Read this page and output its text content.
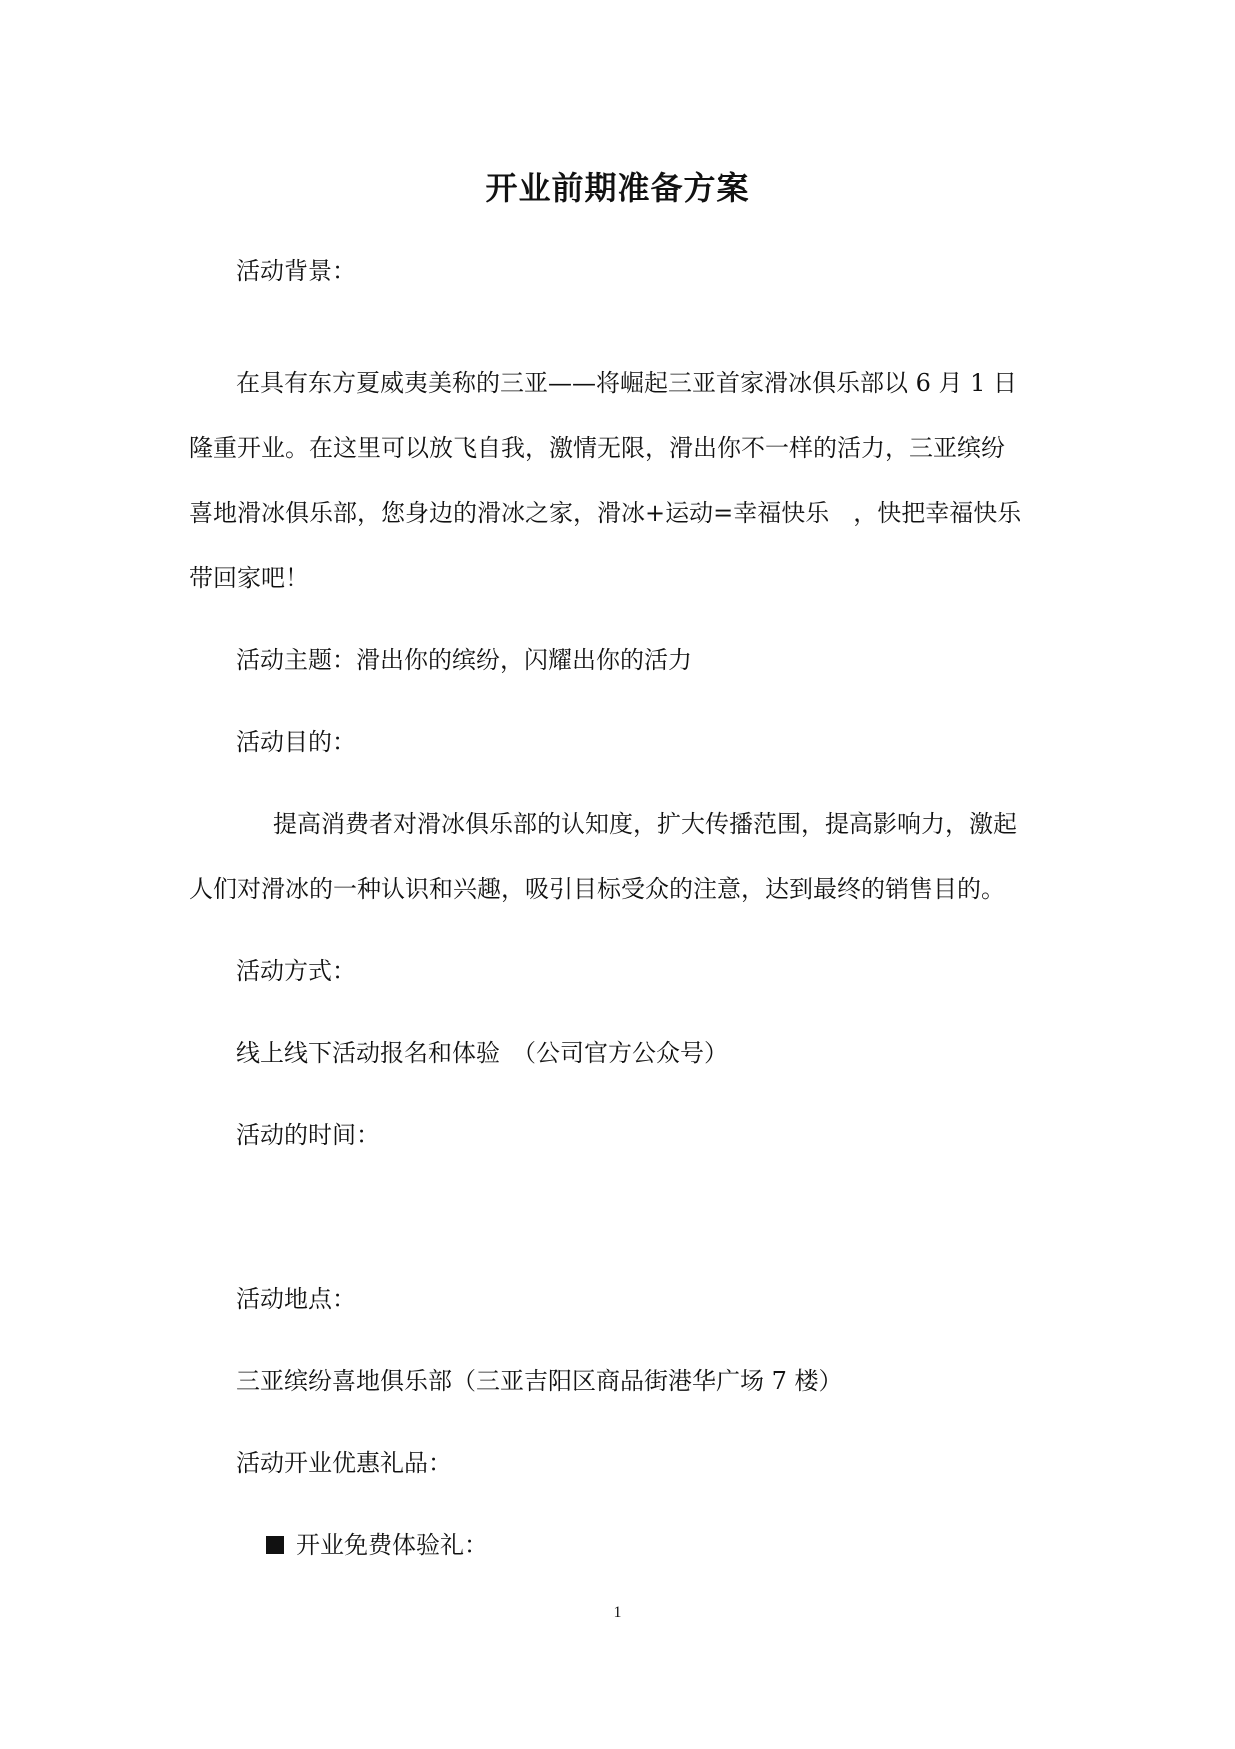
开业前期准备方案
活动背景：
在具有东方夏威夷美称的三亚——将崛起三亚首家滑冰俱乐部以 6 月 1 日
隆重开业。在这里可以放飞自我，激情无限，滑出你不一样的活力，三亚缤纷
喜地滑冰俱乐部，您身边的滑冰之家，滑冰+运动=幸福快乐　，快把幸福快乐
带回家吧！
活动主题：滑出你的缤纷，闪耀出你的活力
活动目的：
提高消费者对滑冰俱乐部的认知度，扩大传播范围，提高影响力，激起
人们对滑冰的一种认识和兴趣，吸引目标受众的注意，达到最终的销售目的。
活动方式：
线上线下活动报名和体验　（公司官方公众号）
活动的时间：
活动地点：
三亚缤纷喜地俱乐部（三亚吉阳区商品街港华广场 7 楼）
活动开业优惠礼品：
开业免费体验礼：
1
